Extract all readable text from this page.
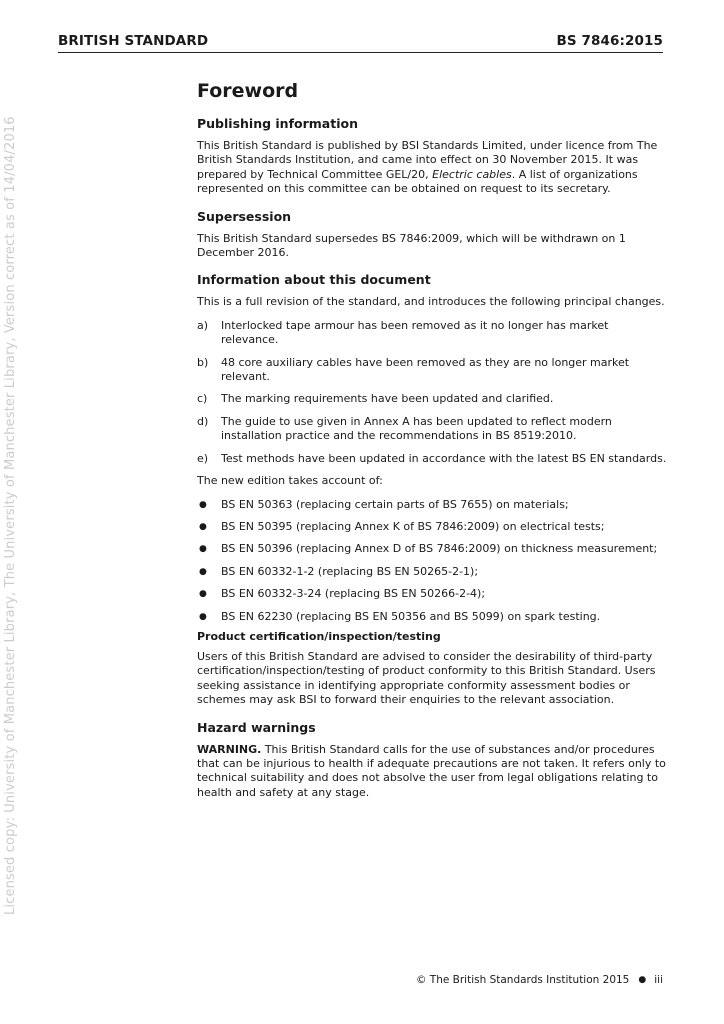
BRITISH STANDARD	BS 7846:2015
Licensed copy: University of Manchester Library, The University of Manchester Library, Version correct as of 14/04/2016
Foreword
Publishing information

This British Standard is published by BSI Standards Limited, under licence from The British Standards Institution, and came into effect on 30 November 2015. It was prepared by Technical Committee GEL/20, Electric cables. A list of organizations represented on this committee can be obtained on request to its secretary.

Supersession

This British Standard supersedes BS 7846:2009, which will be withdrawn on 1 December 2016.

Information about this document

This is a full revision of the standard, and introduces the following principal changes.

a) Interlocked tape armour has been removed as it no longer has market relevance.
b) 48 core auxiliary cables have been removed as they are no longer market relevant.
c) The marking requirements have been updated and clarified.
d) The guide to use given in Annex A has been updated to reflect modern installation practice and the recommendations in BS 8519:2010.
e) Test methods have been updated in accordance with the latest BS EN standards.

The new edition takes account of:

● BS EN 50363 (replacing certain parts of BS 7655) on materials;
● BS EN 50395 (replacing Annex K of BS 7846:2009) on electrical tests;
● BS EN 50396 (replacing Annex D of BS 7846:2009) on thickness measurement;
● BS EN 60332-1-2 (replacing BS EN 50265-2-1);
● BS EN 60332-3-24 (replacing BS EN 50266-2-4);
● BS EN 62230 (replacing BS EN 50356 and BS 5099) on spark testing.
Product certification/inspection/testing

Users of this British Standard are advised to consider the desirability of third-party certification/inspection/testing of product conformity to this British Standard. Users seeking assistance in identifying appropriate conformity assessment bodies or schemes may ask BSI to forward their enquiries to the relevant association.

Hazard warnings

WARNING. This British Standard calls for the use of substances and/or procedures that can be injurious to health if adequate precautions are not taken. It refers only to technical suitability and does not absolve the user from legal obligations relating to health and safety at any stage.

© The British Standards Institution 2015 ● iii
